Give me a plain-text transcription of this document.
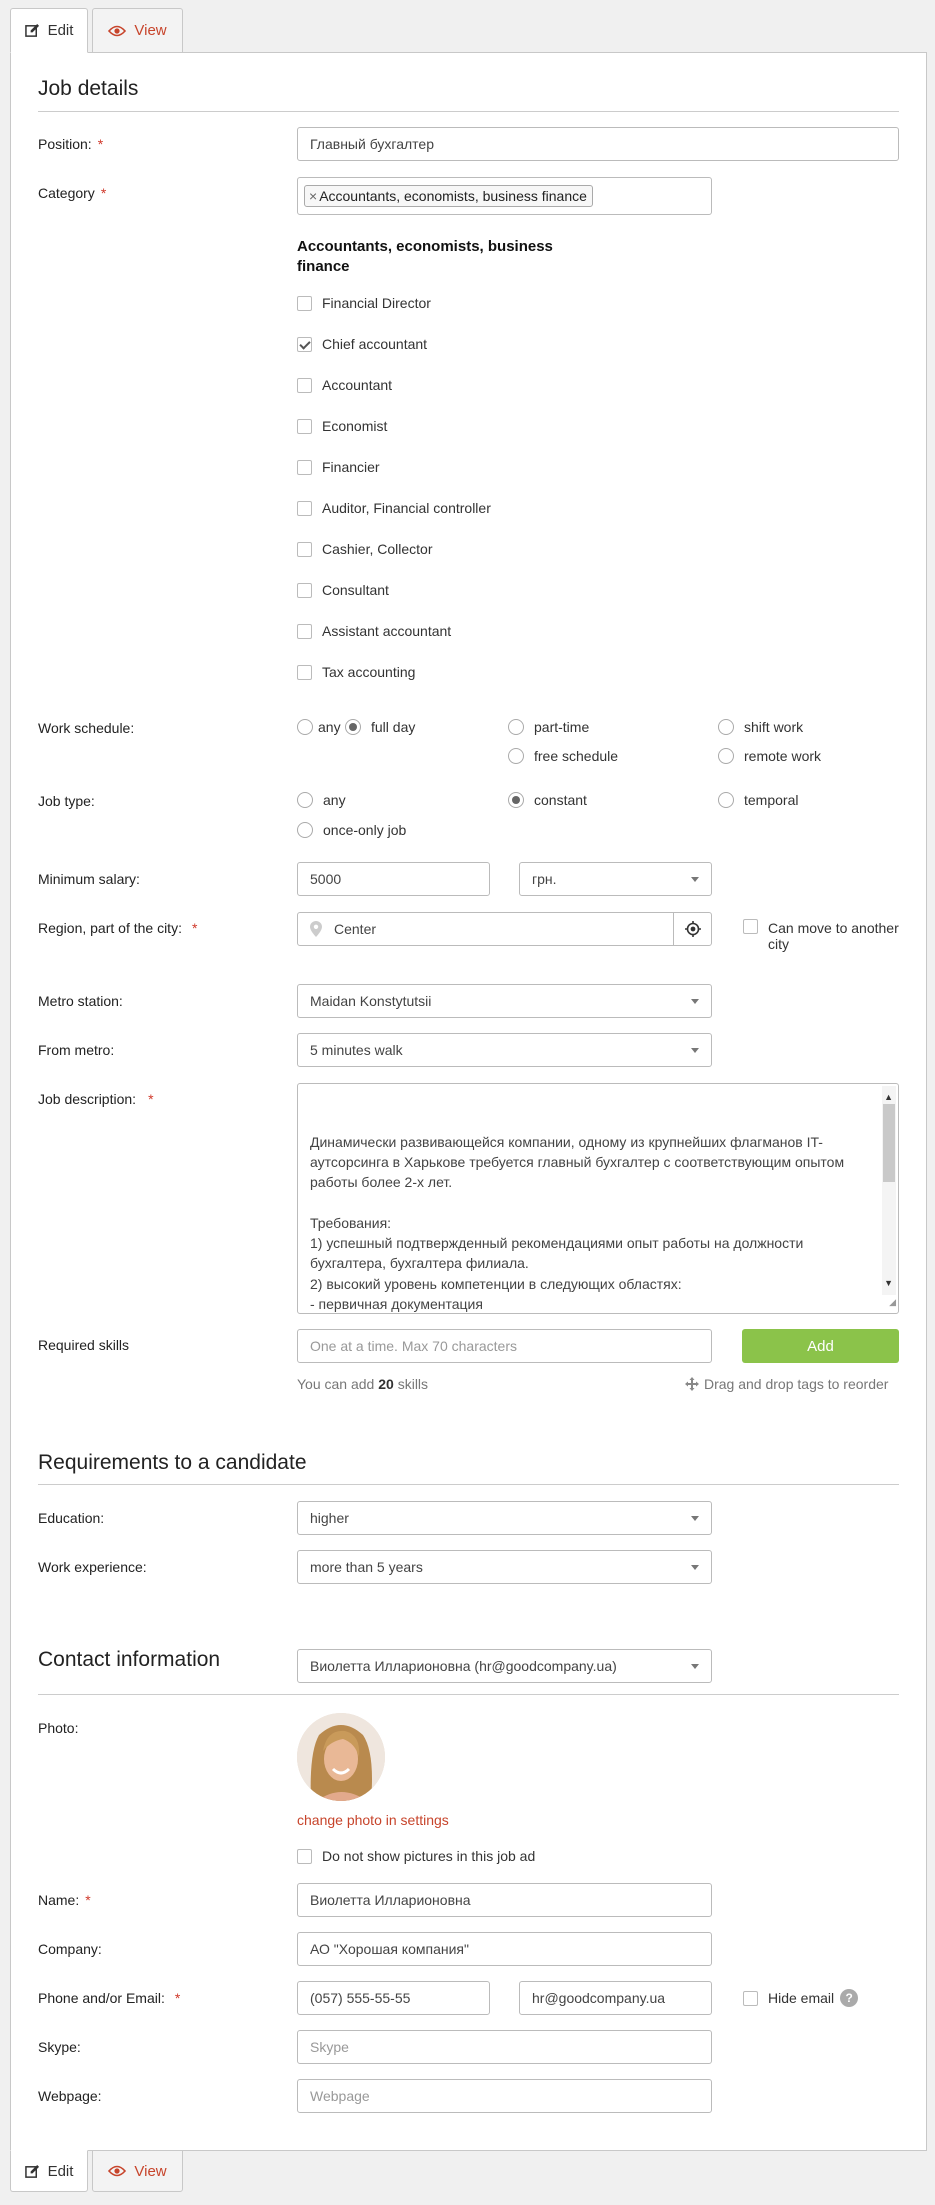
Edit	View
Job details
Position: *	Главный бухгалтер
Category *	× Accountants, economists, business finance
Accountants, economists, business finance
Financial Director
Chief accountant
Accountant
Economist
Financier
Auditor, Financial controller
Cashier, Collector
Consultant
Assistant accountant
Tax accounting
Work schedule:	any full day	part-time	shift work
free schedule	remote work
Job type:	any	constant	temporal
once-only job
Minimum salary:	5000	грн.
Region, part of the city: *	Center	Can move to another city
Metro station:	Maidan Konstytutsii
From metro:	5 minutes walk
Job description: *

Динамически развивающейся компании, одному из крупнейших флагманов IT-аутсорсинга в Харькове требуется главный бухгалтер с соответствующим опытом работы более 2-х лет.

Требования:
1) успешный подтвержденный рекомендациями опыт работы на должности бухгалтера, бухгалтера филиала.
2) высокий уровень компетенции в следующих областях:
- первичная документация

▲

▼

◢

Required skills	One at a time. Max 70 characters	Add
You can add 20 skills	Drag and drop tags to reorder
Requirements to a candidate
Education:	higher
Work experience:	more than 5 years
Contact information	Виолетта Илларионовна (hr@goodcompany.ua)
Photo:
change photo in settings
Do not show pictures in this job ad
Name: *	Виолетта Илларионовна
Company:	АО "Хорошая компания"
Phone and/or Email: *	(057) 555-55-55	hr@goodcompany.ua	Hide email ?
Skype:	Skype
Webpage:	Webpage
Edit	View
